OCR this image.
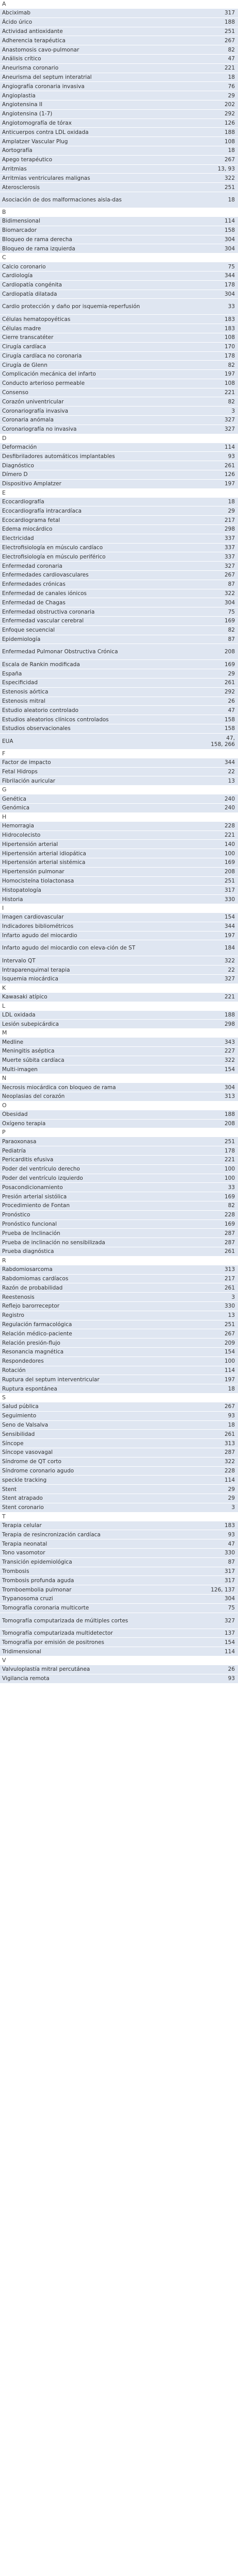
A
Abciximab	317
Ácido úrico	188
Actividad antioxidante	251
Adherencia terapéutica	267
Anastomosis cavo-pulmonar	82
Análisis crítico	47
Aneurisma coronario	221
Aneurisma del septum interatrial	18
Angiografía coronaria invasiva	76
Angioplastia	29
Angiotensina II	202
Angiotensina (1-7)	292
Angiotomografía de tórax	126
Anticuerpos contra LDL oxidada	188
Amplatzer Vascular Plug	108
Aortografía	18
Apego terapéutico	267
Arritmias	13, 93
Arritmias ventriculares malignas	322
Aterosclerosis	251
Asociación de dos malformaciones aisla-das	18
B
Bidimensional	114
Biomarcador	158
Bloqueo de rama derecha	304
Bloqueo de rama izquierda	304
C
Calcio coronario	75
Cardiología	344
Cardiopatía congénita	178
Cardiopatía dilatada	304
Cardio protección y daño por isquemia-reperfusión	33
Células hematopoyéticas	183
Células madre	183
Cierre transcatéter	108
Cirugía cardíaca	170
Cirugía cardíaca no coronaria	178
Cirugía de Glenn	82
Complicación mecánica del infarto	197
Conducto arterioso permeable	108
Consenso	221
Corazón univentricular	82
Coronariografía invasiva	3
Coronaria anómala	327
Coronariografía no invasiva	327
D
Deformación	114
Desfibriladores automáticos implantables	93
Diagnóstico	261
Dímero D	126
Dispositivo Amplatzer	197
E
Ecocardiografía	18
Ecocardiografía intracardíaca	29
Ecocardiograma fetal	217
Edema miocárdico	298
Electricidad	337
Electrofisiología en músculo cardíaco	337
Electrofisiología en músculo periférico	337
Enfermedad coronaria	327
Enfermedades cardiovasculares	267
Enfermedades crónicas	87
Enfermedad de canales iónicos	322
Enfermedad de Chagas	304
Enfermedad obstructiva coronaria	75
Enfermedad vascular cerebral	169
Enfoque secuencial	82
Epidemiología	87
Enfermedad Pulmonar Obstructiva Crónica	208
Escala de Rankin modificada	169
España	29
Especificidad	261
Estenosis aórtica	292
Estenosis mitral	26
Estudio aleatorio controlado	47
Estudios aleatorios clínicos controlados	158
Estudios observacionales	158
EUA	47,
158, 266
F
Factor de impacto	344
Fetal Hidrops	22
Fibrilación auricular	13
G
Genética	240
Genómica	240
H
Hemorragia	228
Hidrocolecisto	221
Hipertensión arterial	140
Hipertensión arterial idiopática	100
Hipertensión arterial sistémica	169
Hipertensión pulmonar	208
Homocisteína tiolactonasa	251
Histopatología	317
Historia	330
I
Imagen cardiovascular	154
Indicadores bibliométricos	344
Infarto agudo del miocardio	197
Infarto agudo del miocardio con eleva-ción de ST	184
Intervalo QT	322
Intraparenquimal terapia	22
Isquemia miocárdica	327
K
Kawasaki atípico	221
L
LDL oxidada	188
Lesión subepicárdica	298
M
Medline	343
Meningitis aséptica	227
Muerte súbita cardíaca	322
Multi-imagen	154
N
Necrosis miocárdica con bloqueo de rama	304
Neoplasias del corazón	313
O
Obesidad	188
Oxígeno terapia	208
P
Paraoxonasa	251
Pediatría	178
Pericarditis efusiva	221
Poder del ventrículo derecho	100
Poder del ventrículo izquierdo	100
Posacondicionamiento	33
Presión arterial sistólica	169
Procedimiento de Fontan	82
Pronóstico	228
Pronóstico funcional	169
Prueba de Inclinación	287
Prueba de inclinación no sensibilizada	287
Prueba diagnóstica	261
R
Rabdomiosarcoma	313
Rabdomiomas cardíacos	217
Razón de probabilidad	261
Reestenosis	3
Reflejo barorreceptor	330
Registro	13
Regulación farmacológica	251
Relación médico-paciente	267
Relación presión-flujo	209
Resonancia magnética	154
Respondedores	100
Rotación	114
Ruptura del septum interventricular	197
Ruptura espontánea	18
S
Salud pública	267
Seguimiento	93
Seno de Valsalva	18
Sensibilidad	261
Síncope	313
Síncope vasovagal	287
Síndrome de QT corto	322
Síndrome coronario agudo	228
speckle tracking	114
Stent	29
Stent atrapado	29
Stent coronario	3
T
Terapia celular	183
Terapia de resincronización cardíaca	93
Terapia neonatal	47
Tono vasomotor	330
Transición epidemiológica	87
Trombosis	317
Trombosis profunda aguda	317
Tromboembolia pulmonar	126, 137
Trypanosoma cruzi	304
Tomografía coronaria multicorte	75
Tomografía computarizada de múltiples cortes	327
Tomografía computarizada multidetector	137
Tomografía por emisión de positrones	154
Tridimensional	114
V
Valvuloplastía mitral percutánea	26
Vigilancia remota	93
